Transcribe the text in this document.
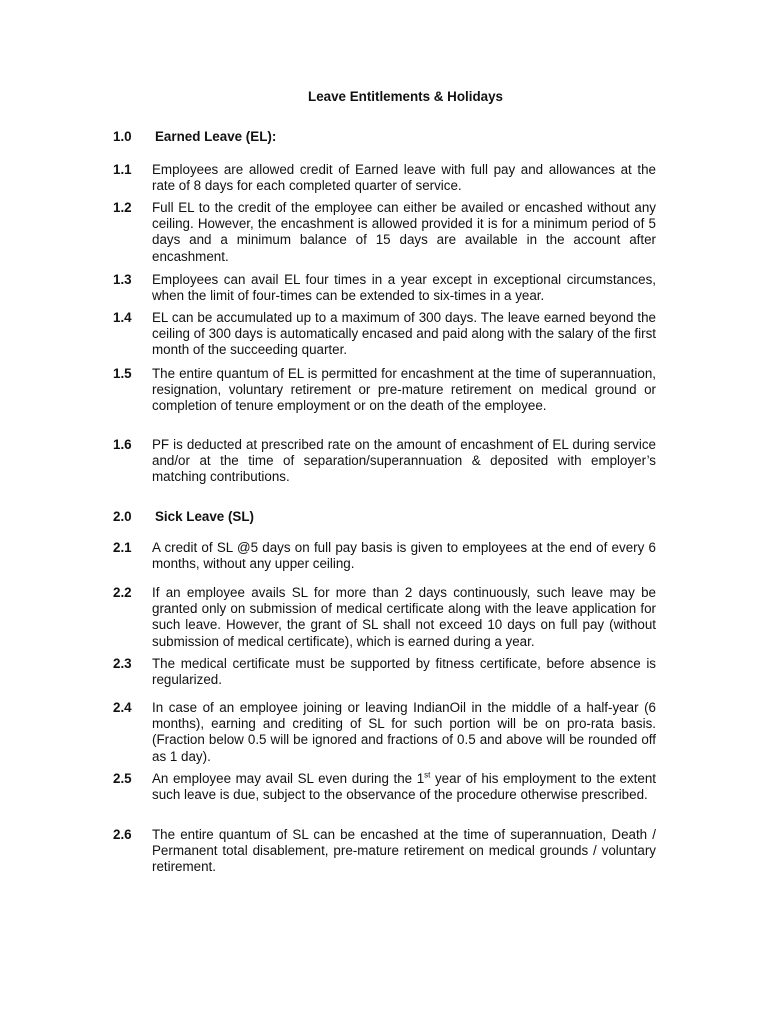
Leave Entitlements & Holidays
1.0 Earned Leave (EL):
1.1 Employees are allowed credit of Earned leave with full pay and allowances at the rate of 8 days for each completed quarter of service.
1.2 Full EL to the credit of the employee can either be availed or encashed without any ceiling. However, the encashment is allowed provided it is for a minimum period of 5 days and a minimum balance of 15 days are available in the account after encashment.
1.3 Employees can avail EL four times in a year except in exceptional circumstances, when the limit of four-times can be extended to six-times in a year.
1.4 EL can be accumulated up to a maximum of 300 days. The leave earned beyond the ceiling of 300 days is automatically encased and paid along with the salary of the first month of the succeeding quarter.
1.5 The entire quantum of EL is permitted for encashment at the time of superannuation, resignation, voluntary retirement or pre-mature retirement on medical ground or completion of tenure employment or on the death of the employee.
1.6 PF is deducted at prescribed rate on the amount of encashment of EL during service and/or at the time of separation/superannuation & deposited with employer’s matching contributions.
2.0 Sick Leave (SL)
2.1 A credit of SL @5 days on full pay basis is given to employees at the end of every 6 months, without any upper ceiling.
2.2 If an employee avails SL for more than 2 days continuously, such leave may be granted only on submission of medical certificate along with the leave application for such leave. However, the grant of SL shall not exceed 10 days on full pay (without submission of medical certificate), which is earned during a year.
2.3 The medical certificate must be supported by fitness certificate, before absence is regularized.
2.4 In case of an employee joining or leaving IndianOil in the middle of a half-year (6 months), earning and crediting of SL for such portion will be on pro-rata basis. (Fraction below 0.5 will be ignored and fractions of 0.5 and above will be rounded off as 1 day).
2.5 An employee may avail SL even during the 1st year of his employment to the extent such leave is due, subject to the observance of the procedure otherwise prescribed.
2.6 The entire quantum of SL can be encashed at the time of superannuation, Death / Permanent total disablement, pre-mature retirement on medical grounds / voluntary retirement.
